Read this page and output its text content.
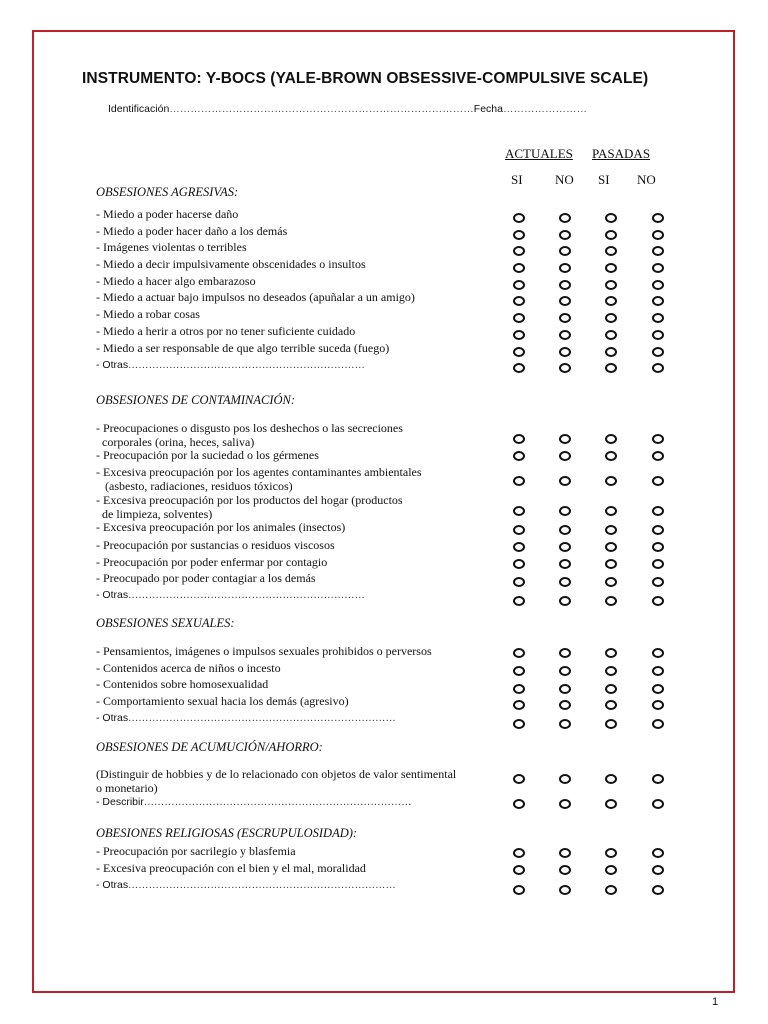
INSTRUMENTO: Y-BOCS (YALE-BROWN OBSESSIVE-COMPULSIVE SCALE)
Identificación……………………………………………………………………………Fecha……………………
ACTUALES PASADAS
SI NO SI NO
OBSESIONES AGRESIVAS:
- Miedo a poder hacerse daño
- Miedo a poder hacer daño a los demás
- Imágenes violentas o terribles
- Miedo a decir impulsivamente obscenidades o insultos
- Miedo a hacer algo embarazoso
- Miedo a actuar bajo impulsos no deseados (apuñalar a un amigo)
- Miedo a robar cosas
- Miedo a herir a otros por no tener suficiente cuidado
- Miedo a ser responsable de que algo terrible suceda (fuego)
- Otras……………………………………………………………
OBSESIONES DE CONTAMINACIÓN:
- Preocupaciones o disgusto pos los deshechos o las secreciones
corporales (orina, heces, saliva)
- Preocupación por la suciedad o los gérmenes
- Excesiva preocupación por los agentes contaminantes ambientales
(asbesto, radiaciones, residuos tóxicos)
- Excesiva preocupación por los productos del hogar (productos
de limpieza, solventes)
- Excesiva preocupación por los animales (insectos)
- Preocupación por sustancias o residuos viscosos
- Preocupación por poder enfermar por contagio
- Preocupado por poder contagiar a los demás
- Otras……………………………………………………………
OBSESIONES SEXUALES:
- Pensamientos, imágenes o impulsos sexuales prohibidos o perversos
- Contenidos acerca de niños o incesto
- Contenidos sobre homosexualidad
- Comportamiento sexual hacia los demás (agresivo)
- Otras……………………………………………………………………
OBSESIONES DE ACUMUCIÓN/AHORRO:
(Distinguir de hobbies y de lo relacionado con objetos de valor sentimental
o monetario)
- Describir……………………………………………………………………
OBESIONES RELIGIOSAS (ESCRUPULOSIDAD):
- Preocupación por sacrilegio y blasfemia
- Excesiva preocupación con el bien y el mal, moralidad
- Otras……………………………………………………………………
1
